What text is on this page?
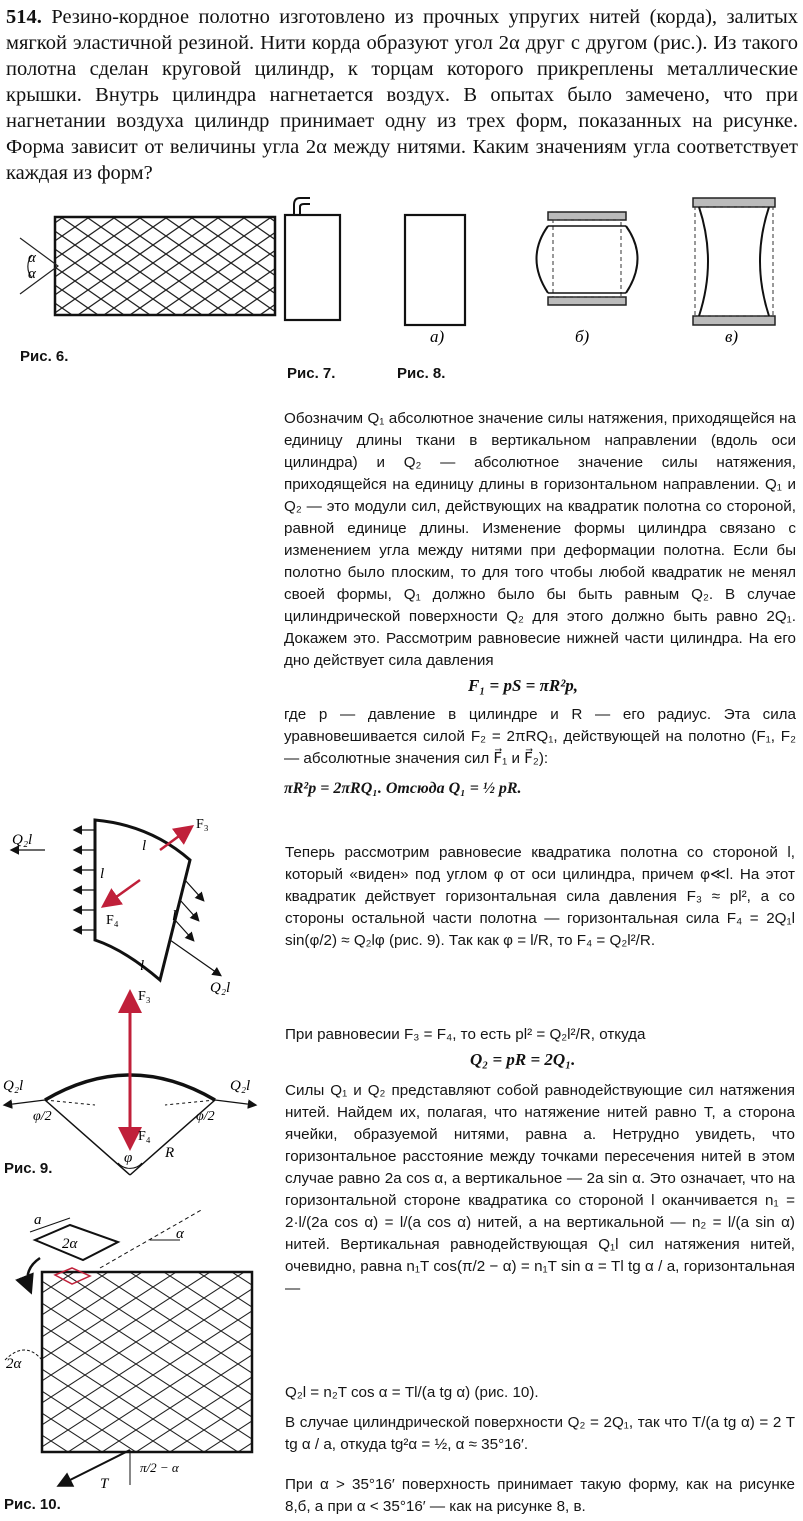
514. Резино-кордное полотно изготовлено из прочных упругих нитей (корда), залитых мягкой эластичной резиной. Нити корда образуют угол 2α друг с другом (рис.). Из такого полотна сделан круговой цилиндр, к торцам которого прикреплены металлические крышки. Внутрь цилиндра нагнетается воздух. В опытах было замечено, что при нагнетании воздуха цилиндр принимает одну из трех форм, показанных на рисунке. Форма зависит от величины угла 2α между нитями. Каким значениям угла соответствует каждая из форм?
α
α
Рис. 6.
Рис. 7.
а)	б)	в)
Рис. 8.
Обозначим Q₁ абсолютное значение силы натяжения, приходящейся на единицу длины ткани в вертикальном направлении (вдоль оси цилиндра) и Q₂ — абсолютное значение силы натяжения, приходящейся на единицу длины в горизонтальном направлении. Q₁ и Q₂ — это модули сил, действующих на квадратик полотна со стороной, равной единице длины. Изменение формы цилиндра связано с изменением угла между нитями при деформации полотна. Если бы полотно было плоским, то для того чтобы любой квадратик не менял своей формы, Q₁ должно было бы быть равным Q₂. В случае цилиндрической поверхности Q₂ для этого должно быть равно 2Q₁. Докажем это. Рассмотрим равновесие нижней части цилиндра. На его дно действует сила давления
F₁ = pS = πR²p,
где p — давление в цилиндре и R — его радиус. Эта сила уравновешивается силой F₂ = 2πRQ₁, действующей на полотно (F₁, F₂ — абсолютные значения сил F⃗₁ и F⃗₂):
πR²p = 2πRQ₁. Отсюда Q₁ = ½ pR.
Q₂l
Q₂l
l
l
l
l
F₃
F₄
Q₂l	Q₂l
φ/2	φ/2
φ R
F₃
F₄
Рис. 9.
Теперь рассмотрим равновесие квадратика полотна со стороной l, который «виден» под углом φ от оси цилиндра, причем φ≪l. На этот квадратик действует горизонтальная сила давления F₃ ≈ pl², а со стороны остальной части полотна — горизонтальная сила F₄ = 2Q₁l sin(φ/2) ≈ Q₂lφ (рис. 9). Так как φ = l/R, то F₄ = Q₂l²/R.
При равновесии F₃ = F₄, то есть pl² = Q₂l²/R, откуда
Q₂ = pR = 2Q₁.
Силы Q₁ и Q₂ представляют собой равнодействующие сил натяжения нитей. Найдем их, полагая, что натяжение нитей равно T, а сторона ячейки, образуемой нитями, равна a. Нетрудно увидеть, что горизонтальное расстояние между точками пересечения нитей в этом случае равно 2a cos α, а вертикальное — 2a sin α. Это означает, что на горизонтальной стороне квадратика со стороной l оканчивается n₁ = 2·l/(2a cos α) = l/(a cos α) нитей, а на вертикальной — n₂ = l/(a sin α) нитей. Вертикальная равнодействующая Q₁l сил натяжения нитей, очевидно, равна n₁T cos(π/2 − α) = n₁T sin α = Tl tg α / a, горизонтальная —
Q₂l = n₂T cos α = Tl/(a tg α) (рис. 10).
В случае цилиндрической поверхности Q₂ = 2Q₁, так что T/(a tg α) = 2 T tg α / a, откуда tg²α = ½, α ≈ 35°16′.
При α > 35°16′ поверхность принимает такую форму, как на рисунке 8,б, а при α < 35°16′ — как на рисунке 8, в.
a
2α
α
2α
T
π/2 − α
Рис. 10.
